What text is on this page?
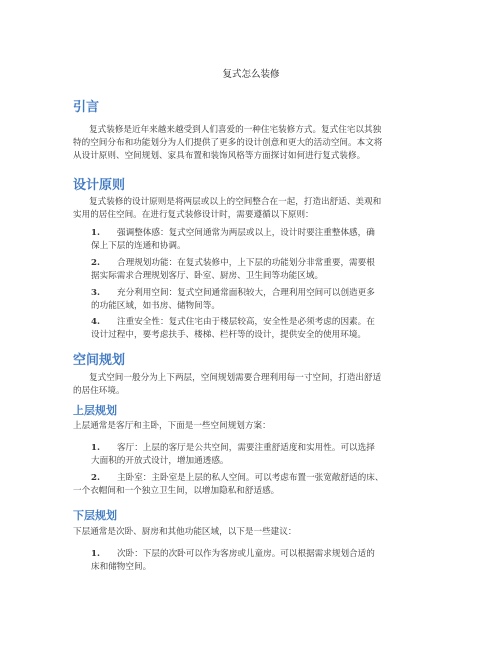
复式怎么装修
引言

复式装修是近年来越来越受到人们喜爱的一种住宅装修方式。复式住宅以其独
特的空间分布和功能划分为人们提供了更多的设计创意和更大的活动空间。本文将
从设计原则、空间规划、家具布置和装饰风格等方面探讨如何进行复式装修。

设计原则

复式装修的设计原则是将两层或以上的空间整合在一起，打造出舒适、美观和
实用的居住空间。在进行复式装修设计时，需要遵循以下原则：

1. 强调整体感：复式空间通常为两层或以上，设计时要注重整体感，确
保上下层的连通和协调。
2. 合理规划功能：在复式装修中，上下层的功能划分非常重要，需要根
据实际需求合理规划客厅、卧室、厨房、卫生间等功能区域。
3. 充分利用空间：复式空间通常面积较大，合理利用空间可以创造更多
的功能区域，如书房、储物间等。
4. 注重安全性：复式住宅由于楼层较高，安全性是必须考虑的因素。在
设计过程中，要考虑扶手、楼梯、栏杆等的设计，提供安全的使用环境。
空间规划

复式空间一般分为上下两层，空间规划需要合理利用每一寸空间，打造出舒适
的居住环境。

上层规划

上层通常是客厅和主卧，下面是一些空间规划方案：

1. 客厅：上层的客厅是公共空间，需要注重舒适度和实用性。可以选择
大面积的开放式设计，增加通透感。
2. 主卧室：主卧室是上层的私人空间。可以考虑布置一张宽敞舒适的床、
一个衣帽间和一个独立卫生间，以增加隐私和舒适感。
下层规划

下层通常是次卧、厨房和其他功能区域，以下是一些建议：

1. 次卧：下层的次卧可以作为客房或儿童房。可以根据需求规划合适的
床和储物空间。
